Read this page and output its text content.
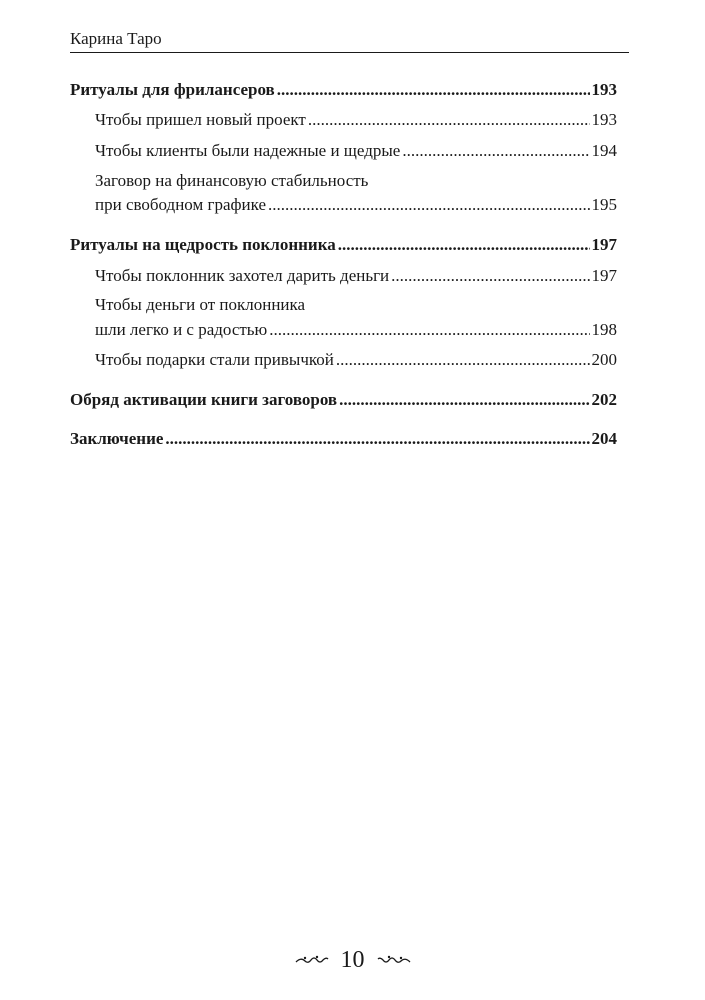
Карина Таро
Ритуалы для фрилансеров .....	193
Чтобы пришел новый проект .....	193
Чтобы клиенты были надежные и щедрые .....	194
Заговор на финансовую стабильность
при свободном графике .....	195
Ритуалы на щедрость поклонника .....	197
Чтобы поклонник захотел дарить деньги .....	197
Чтобы деньги от поклонника
шли легко и с радостью .....	198
Чтобы подарки стали привычкой .....	200
Обряд активации книги заговоров .....	202
Заключение .....	204
10
